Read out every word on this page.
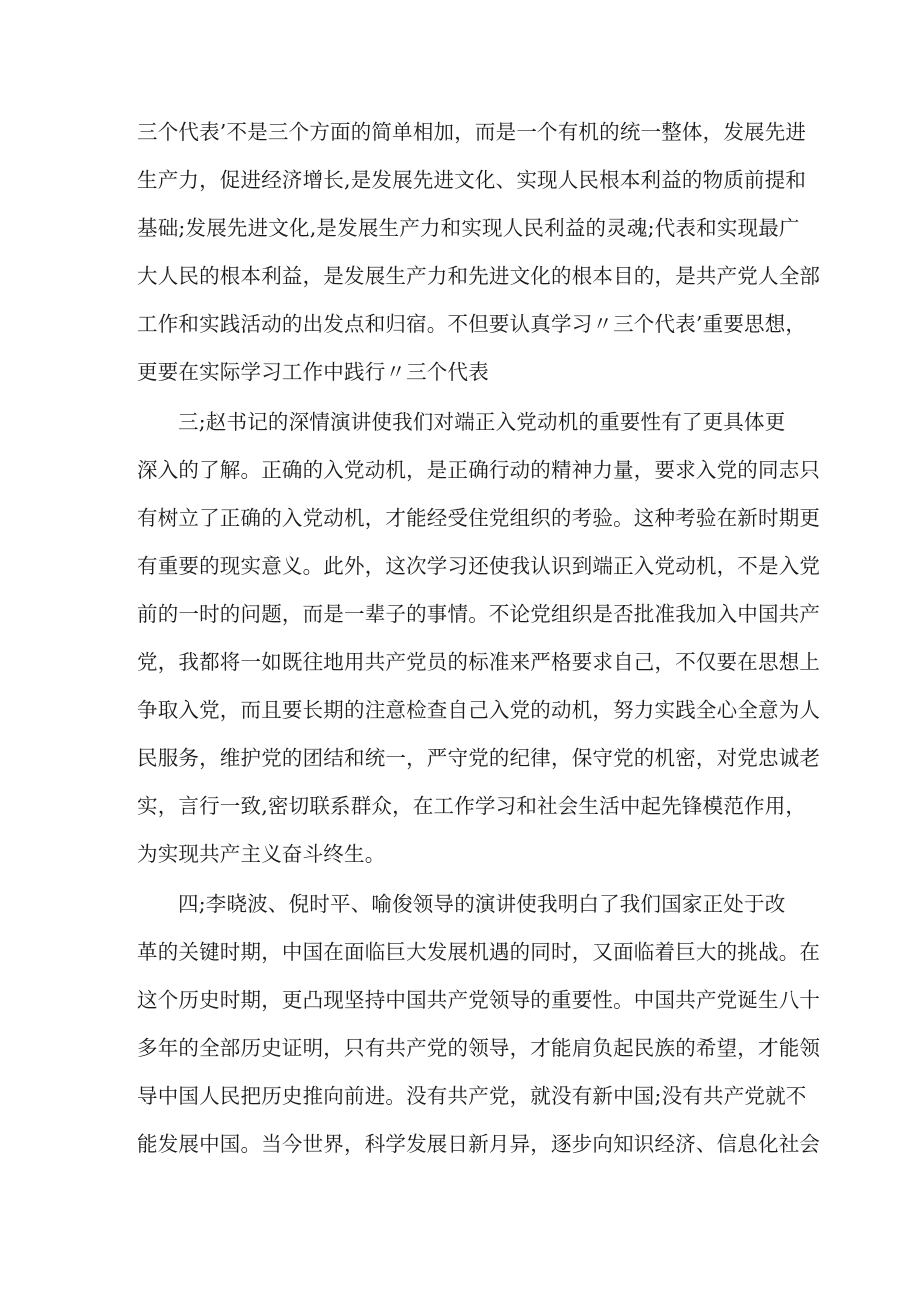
三个代表’不是三个方面的简单相加，而是一个有机的统一整体，发展先进
生产力，促进经济增长,是发展先进文化、实现人民根本利益的物质前提和
基础;发展先进文化,是发展生产力和实现人民利益的灵魂;代表和实现最广
大人民的根本利益，是发展生产力和先进文化的根本目的，是共产党人全部
工作和实践活动的出发点和归宿。不但要认真学习〃三个代表’重要思想，
更要在实际学习工作中践行〃三个代表
三;赵书记的深情演讲使我们对端正入党动机的重要性有了更具体更
深入的了解。正确的入党动机，是正确行动的精神力量，要求入党的同志只
有树立了正确的入党动机，才能经受住党组织的考验。这种考验在新时期更
有重要的现实意义。此外，这次学习还使我认识到端正入党动机，不是入党
前的一时的问题，而是一辈子的事情。不论党组织是否批准我加入中国共产
党，我都将一如既往地用共产党员的标准来严格要求自己，不仅要在思想上
争取入党，而且要长期的注意检查自己入党的动机，努力实践全心全意为人
民服务，维护党的团结和统一，严守党的纪律，保守党的机密，对党忠诚老
实，言行一致,密切联系群众，在工作学习和社会生活中起先锋模范作用，
为实现共产主义奋斗终生。
四;李晓波、倪时平、喻俊领导的演讲使我明白了我们国家正处于改
革的关键时期，中国在面临巨大发展机遇的同时，又面临着巨大的挑战。在
这个历史时期，更凸现坚持中国共产党领导的重要性。中国共产党诞生八十
多年的全部历史证明，只有共产党的领导，才能肩负起民族的希望，才能领
导中国人民把历史推向前进。没有共产党，就没有新中国;没有共产党就不
能发展中国。当今世界，科学发展日新月异，逐步向知识经济、信息化社会
